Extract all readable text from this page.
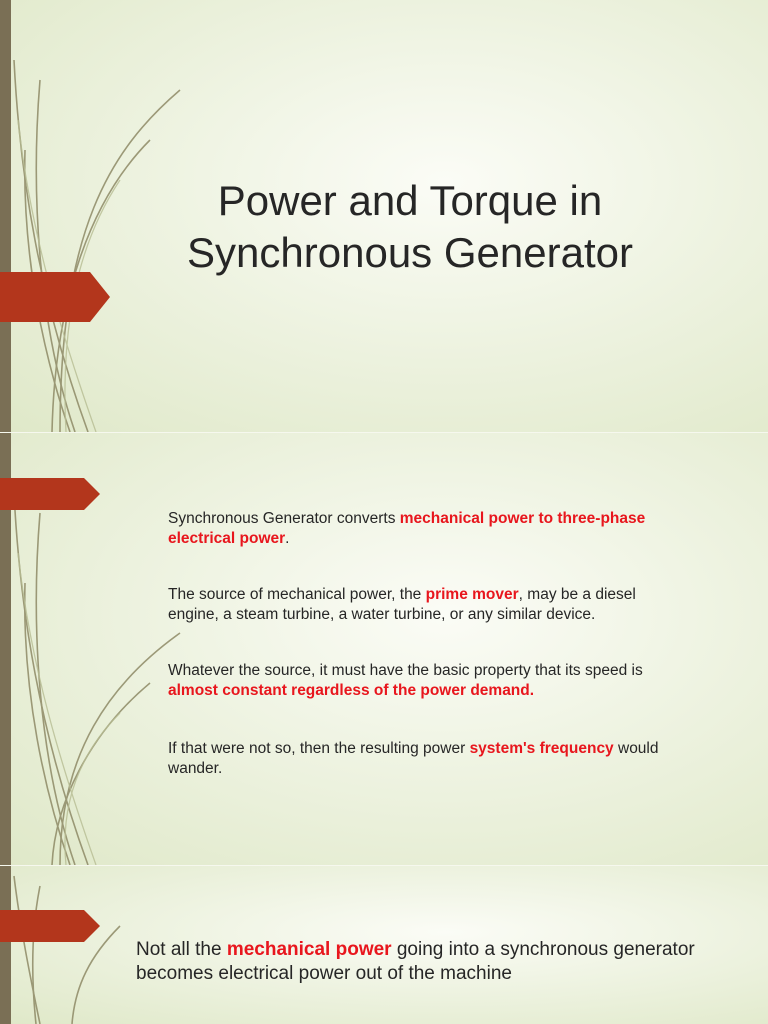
Power and Torque in
Synchronous Generator

Synchronous Generator converts mechanical power to three-phase electrical power.

The source of mechanical power, the prime mover, may be a diesel engine, a steam turbine, a water turbine, or any similar device.

Whatever the source, it must have the basic property that its speed is almost constant regardless of the power demand.

If that were not so, then the resulting power system's frequency would wander.

Not all the mechanical power going into a synchronous generator becomes electrical power out of the machine
